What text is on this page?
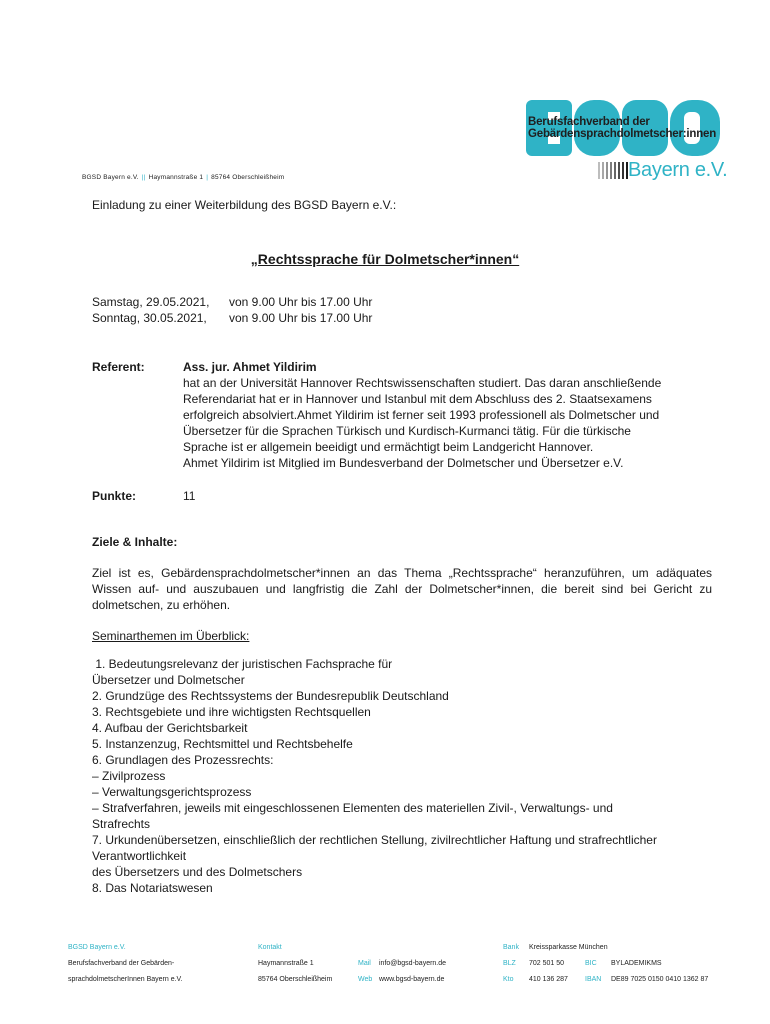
Berufsfachverband der
Gebärdensprachdolmetscher:innen
Bayern e.V.
BGSD Bayern e.V. || Haymannstraße 1 | 85764 Oberschleißheim
Einladung zu einer Weiterbildung des BGSD Bayern e.V.:
„Rechtssprache für Dolmetscher*innen“
Samstag, 29.05.2021, von 9.00 Uhr bis 17.00 Uhr
Sonntag, 30.05.2021, von 9.00 Uhr bis 17.00 Uhr
Referent:	Ass. jur. Ahmet Yildirim
hat an der Universität Hannover Rechtswissenschaften studiert. Das daran anschließende
Referendariat hat er in Hannover und Istanbul mit dem Abschluss des 2. Staatsexamens
erfolgreich absolviert.Ahmet Yildirim ist ferner seit 1993 professionell als Dolmetscher und
Übersetzer für die Sprachen Türkisch und Kurdisch-Kurmanci tätig. Für die türkische
Sprache ist er allgemein beeidigt und ermächtigt beim Landgericht Hannover.
Ahmet Yildirim ist Mitglied im Bundesverband der Dolmetscher und Übersetzer e.V.
Punkte:	11
Ziele & Inhalte:
Ziel ist es, Gebärdensprachdolmetscher*innen an das Thema „Rechtssprache“ heranzuführen, um adäquates Wissen auf- und auszubauen und langfristig die Zahl der Dolmetscher*innen, die bereit sind bei Gericht zu dolmetschen, zu erhöhen.
Seminarthemen im Überblick:
1. Bedeutungsrelevanz der juristischen Fachsprache für
Übersetzer und Dolmetscher
2. Grundzüge des Rechtssystems der Bundesrepublik Deutschland
3. Rechtsgebiete und ihre wichtigsten Rechtsquellen
4. Aufbau der Gerichtsbarkeit
5. Instanzenzug, Rechtsmittel und Rechtsbehelfe
6. Grundlagen des Prozessrechts:
– Zivilprozess
– Verwaltungsgerichtsprozess
– Strafverfahren, jeweils mit eingeschlossenen Elementen des materiellen Zivil-, Verwaltungs- und
Strafrechts
7. Urkundenübersetzen, einschließlich der rechtlichen Stellung, zivilrechtlicher Haftung und strafrechtlicher
Verantwortlichkeit
des Übersetzers und des Dolmetschers
8. Das Notariatswesen
BGSD Bayern e.V.
Berufsfachverband der Gebärden-
sprachdolmetscherInnen Bayern e.V.
Kontakt
Haymannstraße 1
85764 Oberschleißheim

Mail info@bgsd-bayern.de
Web www.bgsd-bayern.de
Bank Kreissparkasse München
BLZ 702 501 50	BIC BYLADEMIKMS
Kto 410 136 287 IBAN DE89 7025 0150 0410 1362 87
